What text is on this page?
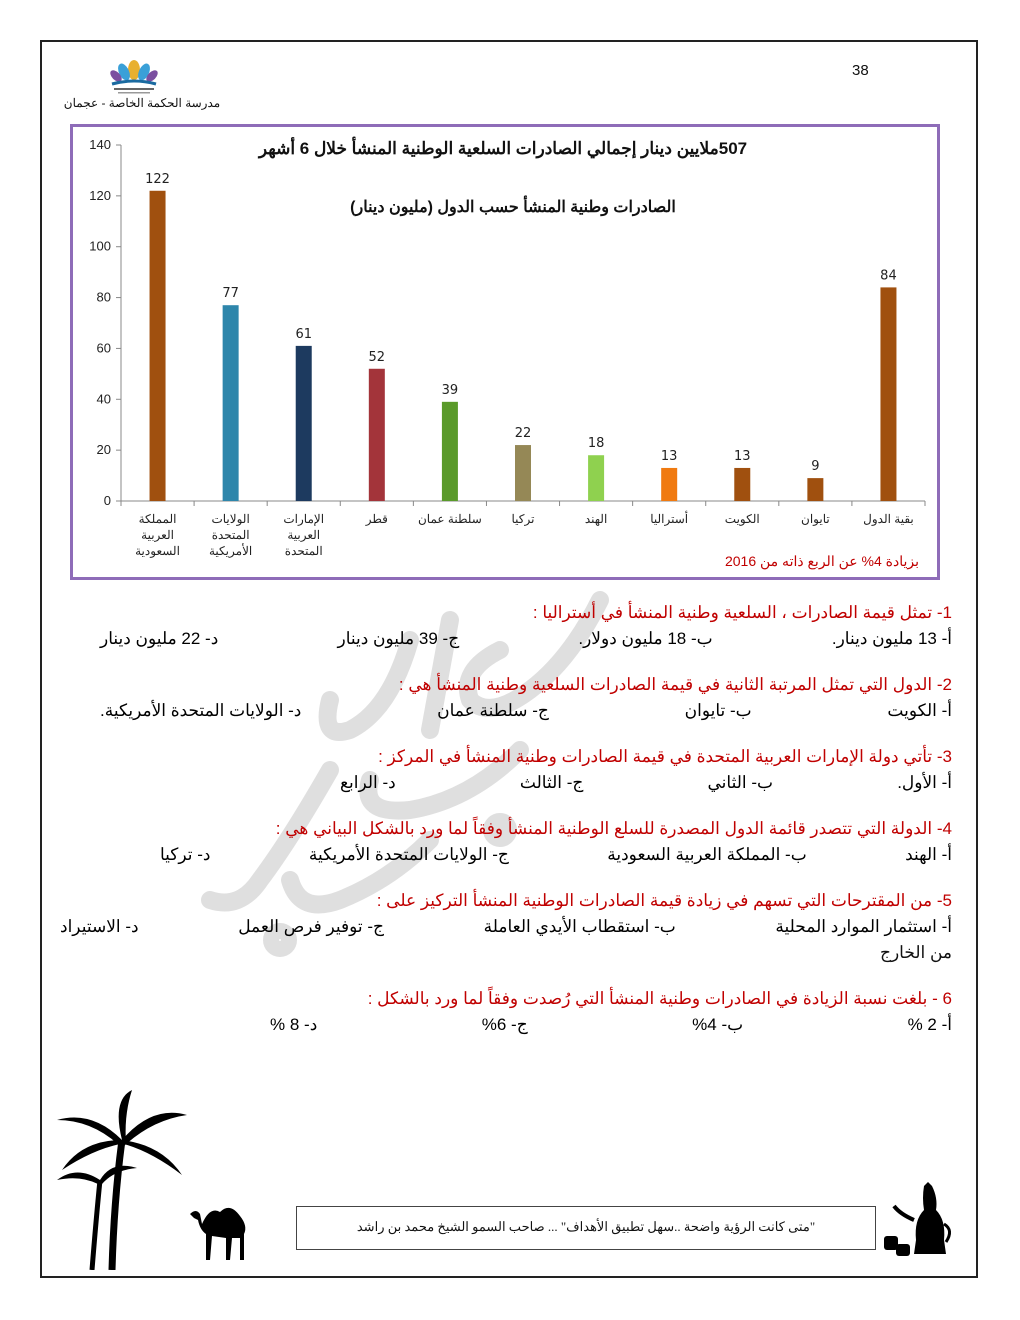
38
مدرسة الحكمة الخاصة - عجمان
0
20
40
60
80
100
120
140
122
المملكة
العربية
السعودية
77
الولايات
المتحدة
الأمريكية
61
الإمارات
العربية
المتحدة
52
قطر
39
سلطنة عمان
22
تركيا
18
الهند
13
أستراليا
13
الكويت
9
تايوان
84
بقية الدول
507ملايين دينار إجمالي الصادرات السلعية الوطنية المنشأ خلال 6 أشهر
الصادرات وطنية المنشأ حسب الدول (مليون دينار)
بزيادة 4% عن الربع ذاته من 2016
1- تمثل قيمة الصادرات ، السلعية وطنية المنشأ في أستراليا :
أ- 13 مليون دينار.
ب- 18 مليون دولار.
ج- 39 مليون دينار
د- 22 مليون دينار
2- الدول التي تمثل المرتبة الثانية في قيمة الصادرات السلعية وطنية المنشأ هي :
أ- الكويت
ب- تايوان
ج- سلطنة عمان
د- الولايات المتحدة الأمريكية.
3- تأتي دولة الإمارات العربية المتحدة في قيمة الصادرات وطنية المنشأ في المركز :
أ- الأول.
ب- الثاني
ج- الثالث
د- الرابع
4- الدولة التي تتصدر قائمة الدول المصدرة للسلع الوطنية المنشأ وفقاً لما ورد بالشكل البياني هي :
أ- الهند
ب- المملكة العربية السعودية
ج- الولايات المتحدة الأمريكية
د- تركيا
5- من المقترحات التي تسهم في زيادة قيمة الصادرات الوطنية المنشأ التركيز على :
أ- استثمار الموارد المحلية
ب- استقطاب الأيدي العاملة
ج- توفير فرص العمل
د- الاستيراد
من الخارج
6 - بلغت نسبة الزيادة في الصادرات وطنية المنشأ التي رُصدت وفقاً لما ورد بالشكل :
أ- 2 %
ب- 4%
ج- 6%
د- 8 %
"متى كانت الرؤية واضحة ..سهل تطبيق الأهداف" ... صاحب السمو الشيخ محمد بن راشد
